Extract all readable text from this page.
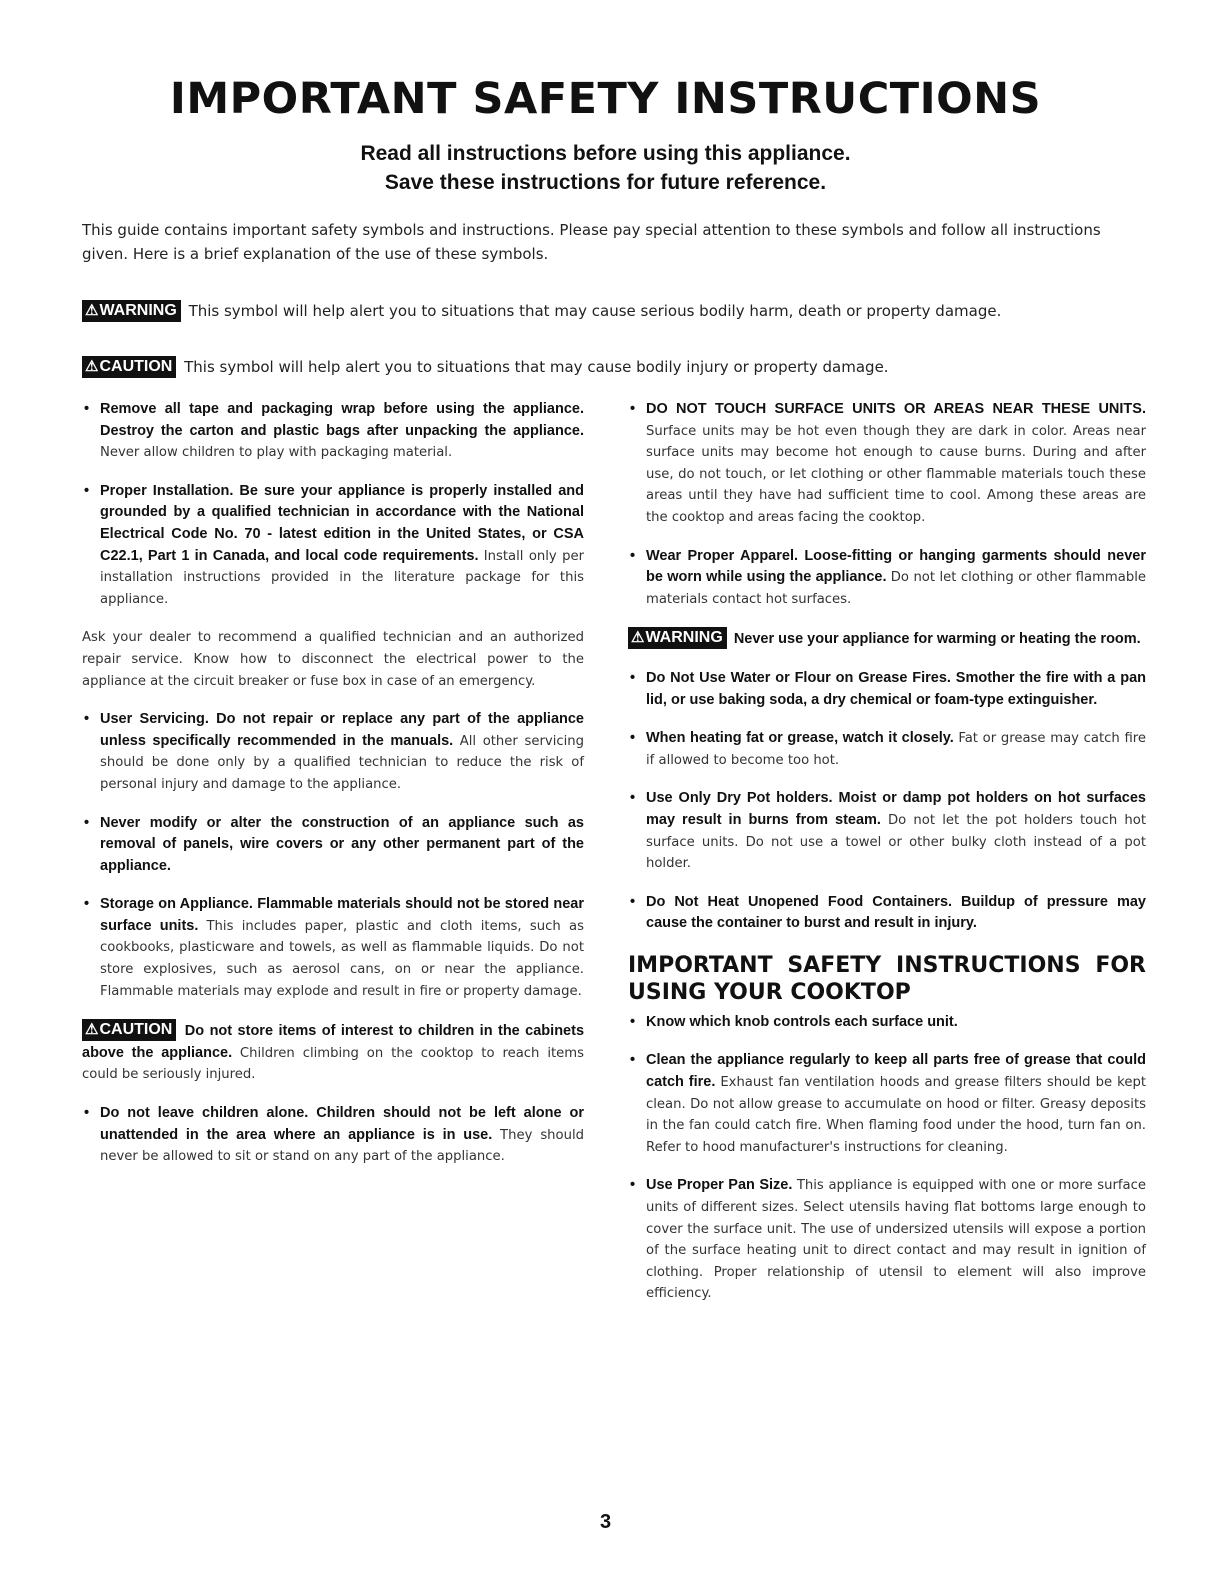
IMPORTANT SAFETY INSTRUCTIONS
Read all instructions before using this appliance.
Save these instructions for future reference.
This guide contains important safety symbols and instructions. Please pay special attention to these symbols and follow all instructions given. Here is a brief explanation of the use of these symbols.
⚠WARNING This symbol will help alert you to situations that may cause serious bodily harm, death or property damage.
⚠CAUTION This symbol will help alert you to situations that may cause bodily injury or property damage.
• Remove all tape and packaging wrap before using the appliance. Destroy the carton and plastic bags after unpacking the appliance. Never allow children to play with packaging material.
• Proper Installation. Be sure your appliance is properly installed and grounded by a qualified technician in accordance with the National Electrical Code No. 70 - latest edition in the United States, or CSA C22.1, Part 1 in Canada, and local code requirements. Install only per installation instructions provided in the literature package for this appliance.
Ask your dealer to recommend a qualified technician and an authorized repair service. Know how to disconnect the electrical power to the appliance at the circuit breaker or fuse box in case of an emergency.
• User Servicing. Do not repair or replace any part of the appliance unless specifically recommended in the manuals. All other servicing should be done only by a qualified technician to reduce the risk of personal injury and damage to the appliance.
• Never modify or alter the construction of an appliance such as removal of panels, wire covers or any other permanent part of the appliance.
• Storage on Appliance. Flammable materials should not be stored near surface units. This includes paper, plastic and cloth items, such as cookbooks, plasticware and towels, as well as flammable liquids. Do not store explosives, such as aerosol cans, on or near the appliance. Flammable materials may explode and result in fire or property damage.
⚠CAUTION Do not store items of interest to children in the cabinets above the appliance. Children climbing on the cooktop to reach items could be seriously injured.
• Do not leave children alone. Children should not be left alone or unattended in the area where an appliance is in use. They should never be allowed to sit or stand on any part of the appliance.
• DO NOT TOUCH SURFACE UNITS OR AREAS NEAR THESE UNITS. Surface units may be hot even though they are dark in color. Areas near surface units may become hot enough to cause burns. During and after use, do not touch, or let clothing or other flammable materials touch these areas until they have had sufficient time to cool. Among these areas are the cooktop and areas facing the cooktop.
• Wear Proper Apparel. Loose-fitting or hanging garments should never be worn while using the appliance. Do not let clothing or other flammable materials contact hot surfaces.
⚠WARNING Never use your appliance for warming or heating the room.
• Do Not Use Water or Flour on Grease Fires. Smother the fire with a pan lid, or use baking soda, a dry chemical or foam-type extinguisher.
• When heating fat or grease, watch it closely. Fat or grease may catch fire if allowed to become too hot.
• Use Only Dry Pot holders. Moist or damp pot holders on hot surfaces may result in burns from steam. Do not let the pot holders touch hot surface units. Do not use a towel or other bulky cloth instead of a pot holder.
• Do Not Heat Unopened Food Containers. Buildup of pressure may cause the container to burst and result in injury.
IMPORTANT SAFETY INSTRUCTIONS FOR USING YOUR COOKTOP
• Know which knob controls each surface unit.
• Clean the appliance regularly to keep all parts free of grease that could catch fire. Exhaust fan ventilation hoods and grease filters should be kept clean. Do not allow grease to accumulate on hood or filter. Greasy deposits in the fan could catch fire. When flaming food under the hood, turn fan on. Refer to hood manufacturer's instructions for cleaning.
• Use Proper Pan Size. This appliance is equipped with one or more surface units of different sizes. Select utensils having flat bottoms large enough to cover the surface unit. The use of undersized utensils will expose a portion of the surface heating unit to direct contact and may result in ignition of clothing. Proper relationship of utensil to element will also improve efficiency.
3
